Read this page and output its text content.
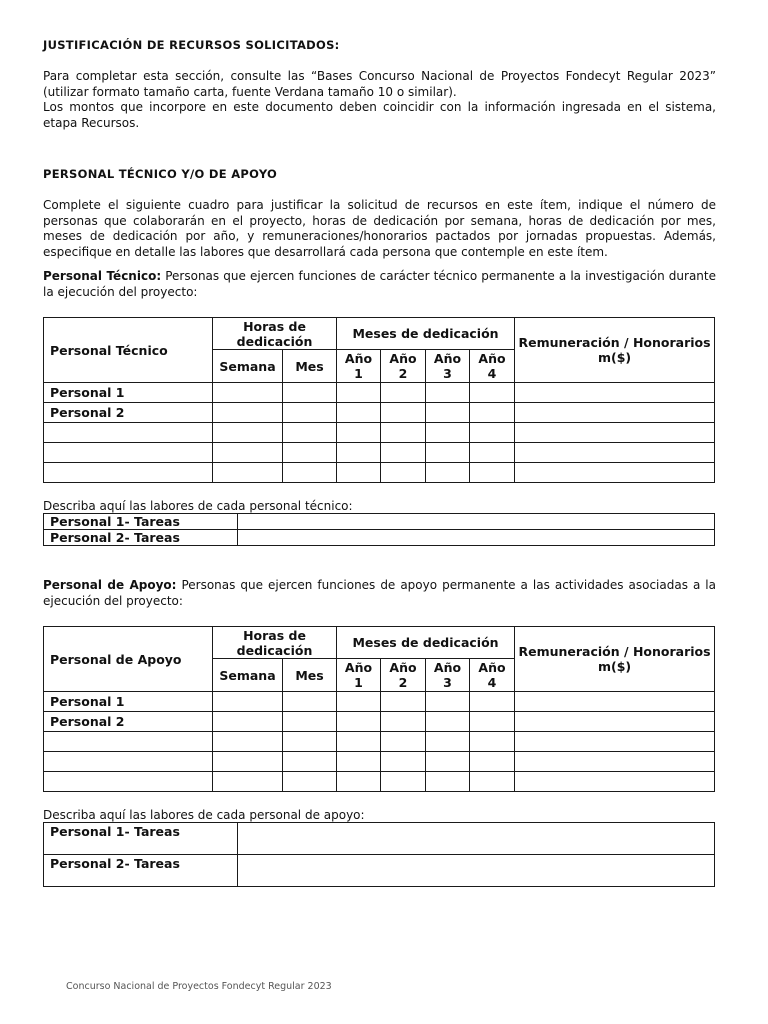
JUSTIFICACIÓN DE RECURSOS SOLICITADOS:

Para completar esta sección, consulte las “Bases Concurso Nacional de Proyectos Fondecyt Regular 2023” (utilizar formato tamaño carta, fuente Verdana tamaño 10 o similar).

Los montos que incorpore en este documento deben coincidir con la información ingresada en el sistema, etapa Recursos.

PERSONAL TÉCNICO Y/O DE APOYO

Complete el siguiente cuadro para justificar la solicitud de recursos en este ítem, indique el número de personas que colaborarán en el proyecto, horas de dedicación por semana, horas de dedicación por mes, meses de dedicación por año, y remuneraciones/honorarios pactados por jornadas propuestas. Además, especifique en detalle las labores que desarrollará cada persona que contemple en este ítem.

Personal Técnico: Personas que ejercen funciones de carácter técnico permanente a la investigación durante la ejecución del proyecto:

Personal Técnico	Horas de dedicación		Meses de dedicación				Remuneración / Honorarios m($)
	Semana	Mes	Año 1	Año 2	Año 3	Año 4	
Personal 1							
Personal 2							

Describa aquí las labores de cada personal técnico:

Personal 1- Tareas	
Personal 2- Tareas	

Personal de Apoyo: Personas que ejercen funciones de apoyo permanente a las actividades asociadas a la ejecución del proyecto:

Personal de Apoyo	Horas de dedicación		Meses de dedicación				Remuneración / Honorarios m($)
	Semana	Mes	Año 1	Año 2	Año 3	Año 4	
Personal 1							
Personal 2							

Describa aquí las labores de cada personal de apoyo:

Personal 1- Tareas	
Personal 2- Tareas	
Concurso Nacional de Proyectos Fondecyt Regular 2023
